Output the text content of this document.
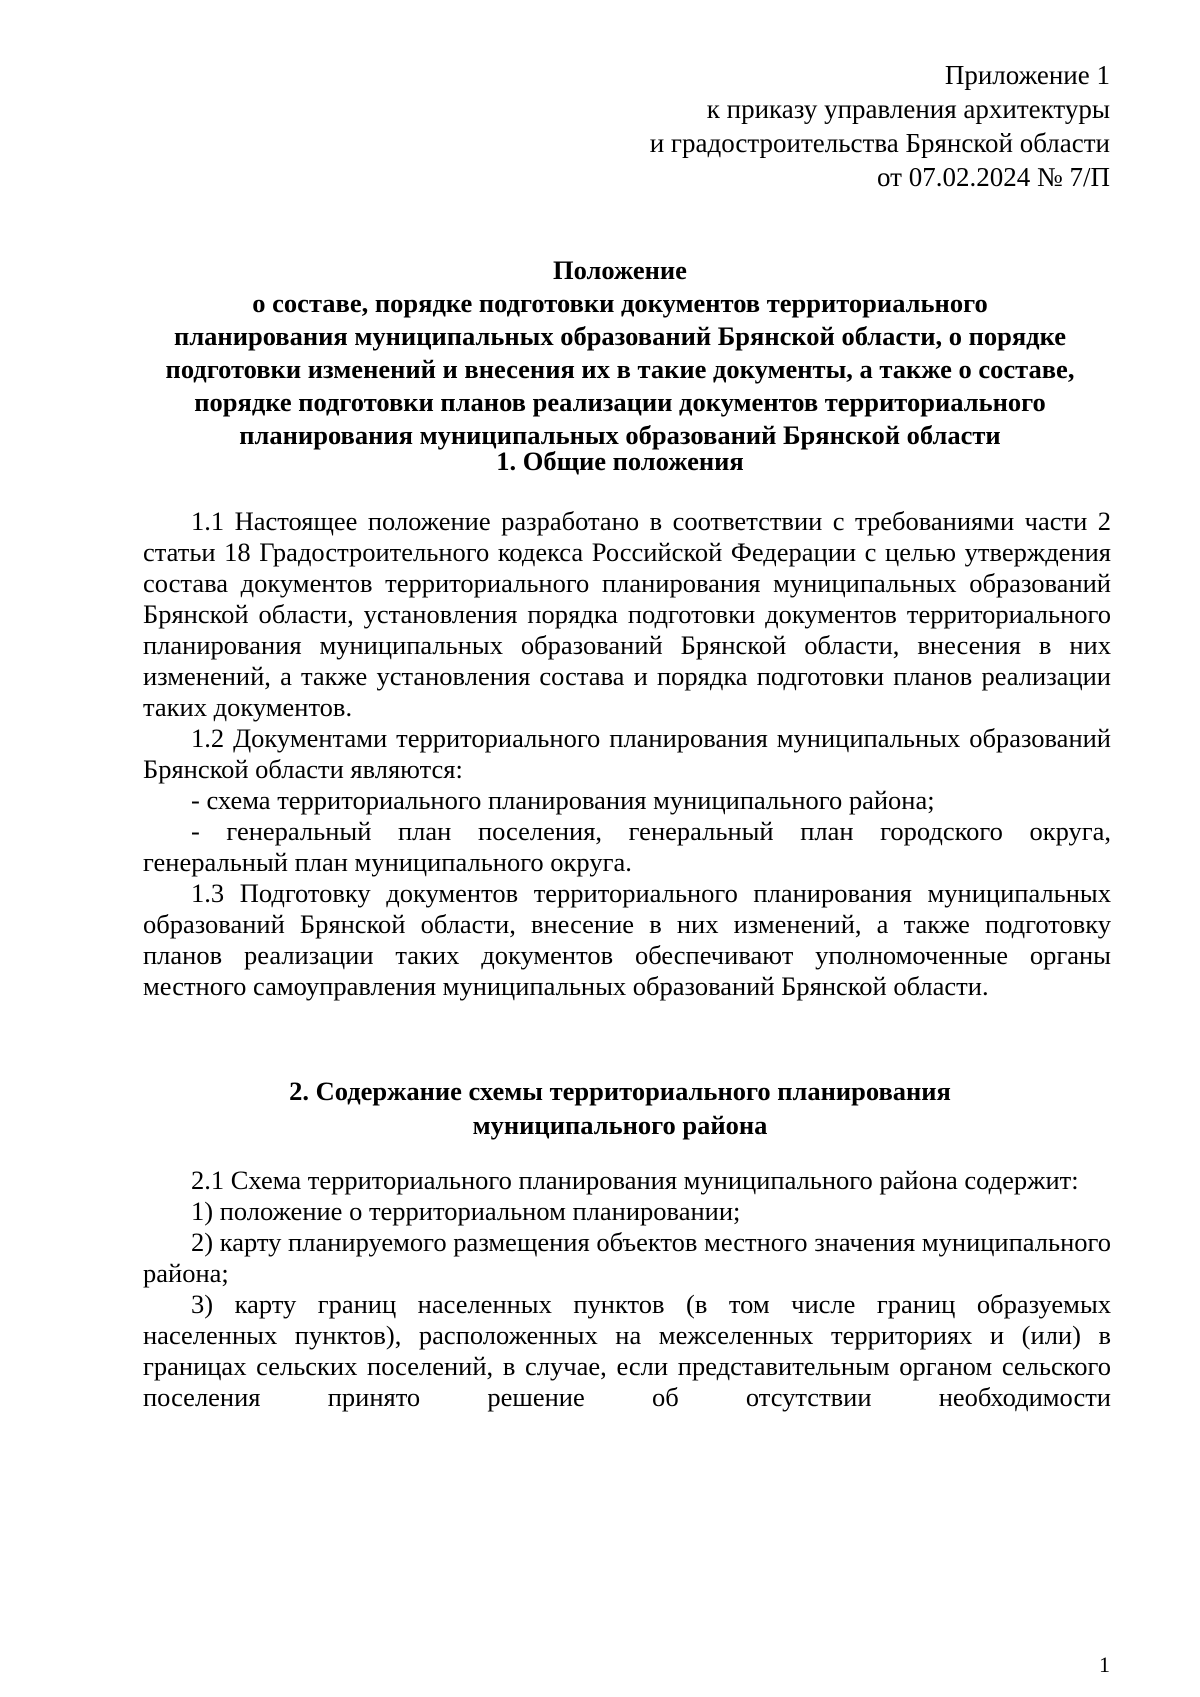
Приложение 1
к приказу управления архитектуры
и градостроительства Брянской области
от 07.02.2024 № 7/П
Положение
о составе, порядке подготовки документов территориального
планирования муниципальных образований Брянской области, о порядке
подготовки изменений и внесения их в такие документы, а также о составе,
порядке подготовки планов реализации документов территориального
планирования муниципальных образований Брянской области
1. Общие положения

1.1 Настоящее положение разработано в соответствии с требованиями части 2 статьи 18 Градостроительного кодекса Российской Федерации с целью утверждения состава документов территориального планирования муниципальных образований Брянской области, установления порядка подготовки документов территориального планирования муниципальных образований Брянской области, внесения в них изменений, а также установления состава и порядка подготовки планов реализации таких документов.

1.2 Документами территориального планирования муниципальных образований Брянской области являются:

- схема территориального планирования муниципального района;

- генеральный план поселения, генеральный план городского округа, генеральный план муниципального округа.

1.3 Подготовку документов территориального планирования муниципальных образований Брянской области, внесение в них изменений, а также подготовку планов реализации таких документов обеспечивают уполномоченные органы местного самоуправления муниципальных образований Брянской области.

2. Содержание схемы территориального планирования
муниципального района

2.1 Схема территориального планирования муниципального района содержит:

1) положение о территориальном планировании;

2) карту планируемого размещения объектов местного значения муниципального района;

3) карту границ населенных пунктов (в том числе границ образуемых населенных пунктов), расположенных на межселенных территориях и (или) в границах сельских поселений, в случае, если представительным органом сельского поселения принято решение об отсутствии необходимости

1
